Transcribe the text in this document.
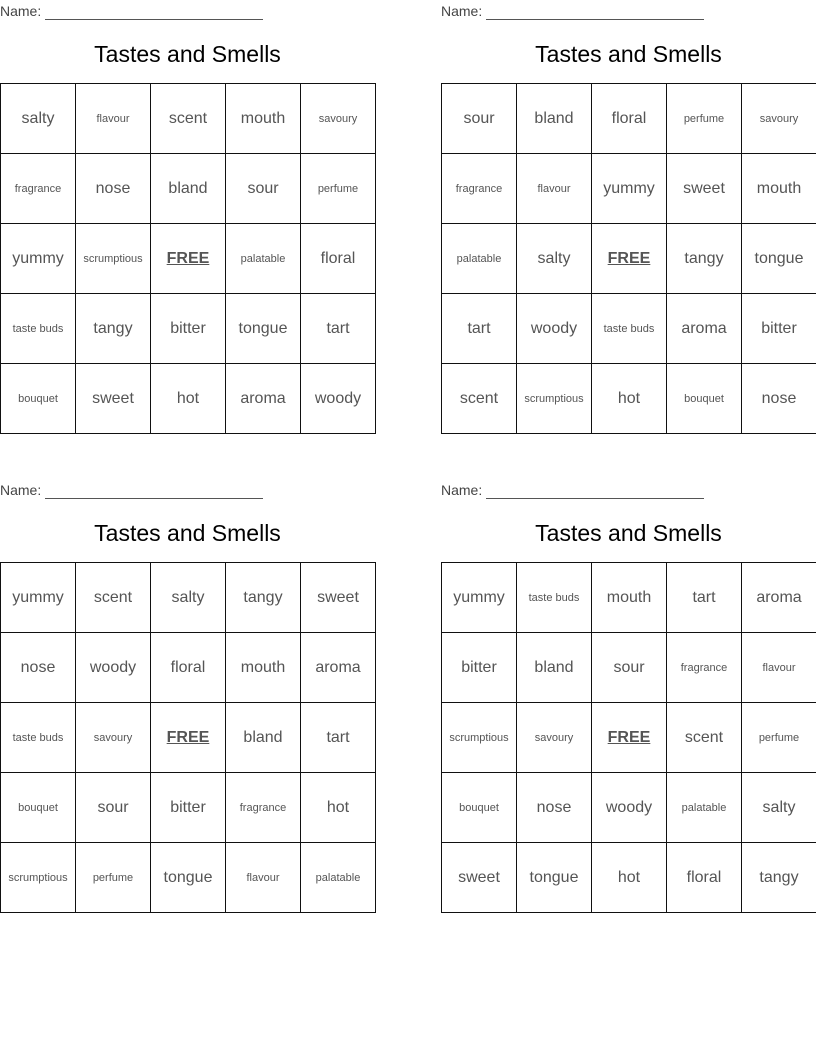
Name:
Tastes and Smells
salty	flavour	scent	mouth	savoury
fragrance	nose	bland	sour	perfume
yummy	scrumptious	FREE	palatable	floral
taste buds	tangy	bitter	tongue	tart
bouquet	sweet	hot	aroma	woody
Name:
Tastes and Smells
sour	bland	floral	perfume	savoury
fragrance	flavour	yummy	sweet	mouth
palatable	salty	FREE	tangy	tongue
tart	woody	taste buds	aroma	bitter
scent	scrumptious	hot	bouquet	nose
Name:
Tastes and Smells
yummy	scent	salty	tangy	sweet
nose	woody	floral	mouth	aroma
taste buds	savoury	FREE	bland	tart
bouquet	sour	bitter	fragrance	hot
scrumptious	perfume	tongue	flavour	palatable
Name:
Tastes and Smells
yummy	taste buds	mouth	tart	aroma
bitter	bland	sour	fragrance	flavour
scrumptious	savoury	FREE	scent	perfume
bouquet	nose	woody	palatable	salty
sweet	tongue	hot	floral	tangy
